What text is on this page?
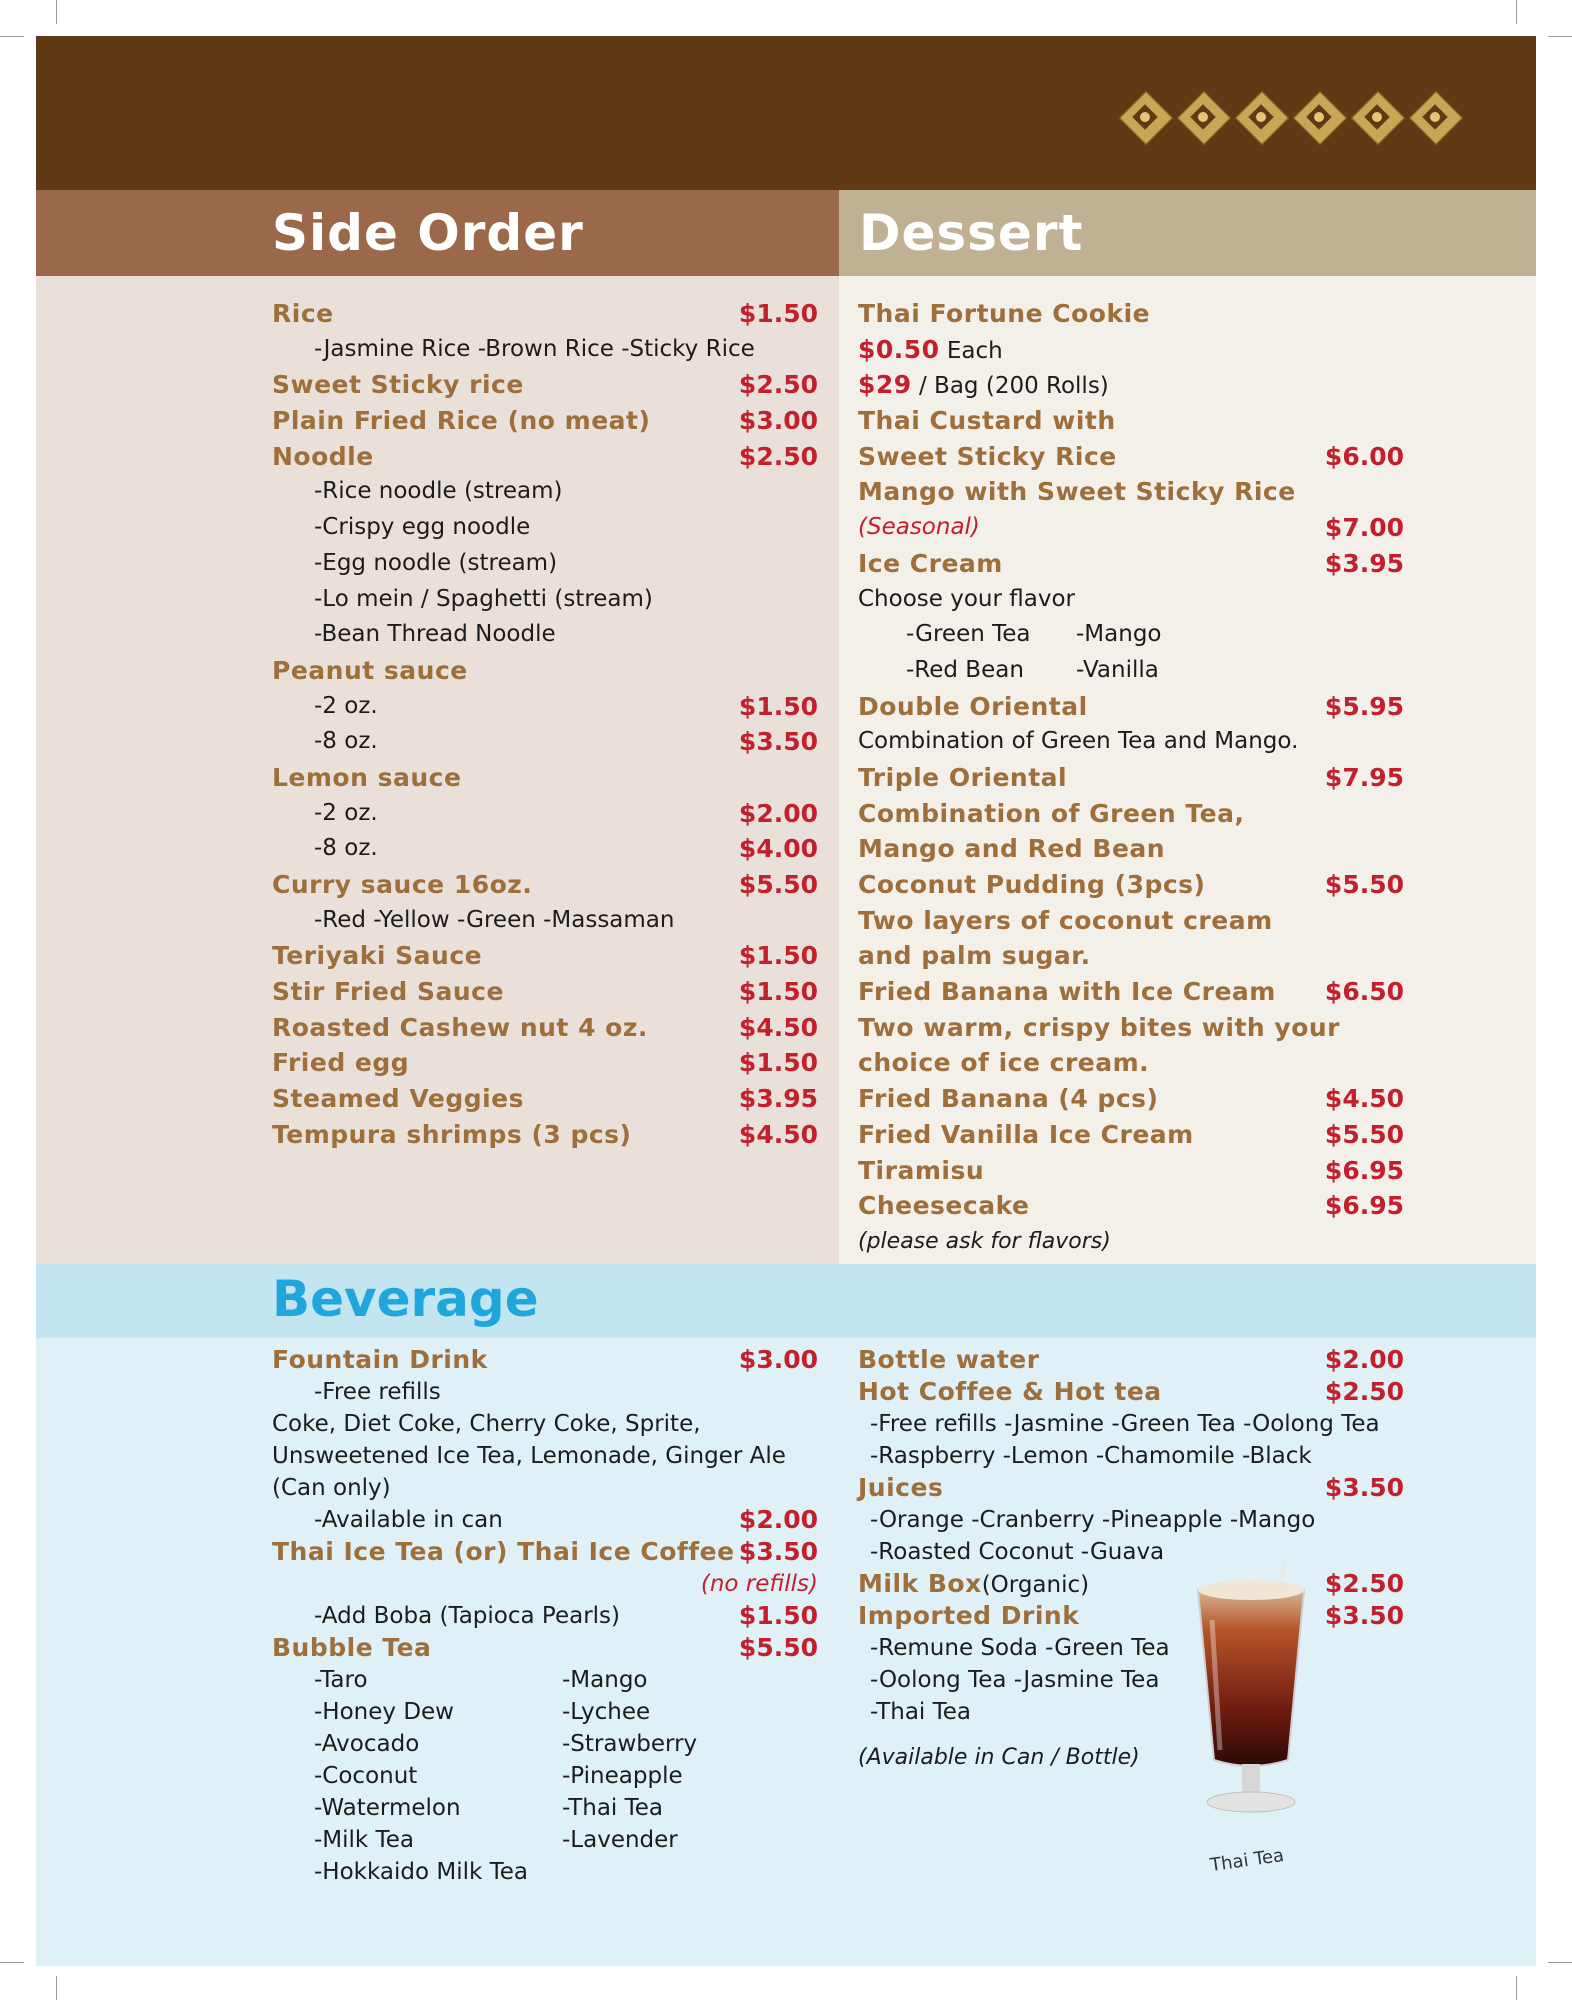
Side Order	Dessert
Rice	$1.50
-Jasmine Rice -Brown Rice -Sticky Rice
Sweet Sticky rice	$2.50
Plain Fried Rice (no meat)	$3.00
Noodle	$2.50
-Rice noodle (stream)
-Crispy egg noodle
-Egg noodle (stream)
-Lo mein / Spaghetti (stream)
-Bean Thread Noodle
Peanut sauce
-2 oz.	$1.50
-8 oz.	$3.50
Lemon sauce
-2 oz.	$2.00
-8 oz.	$4.00
Curry sauce 16oz.	$5.50
-Red -Yellow -Green -Massaman
Teriyaki Sauce	$1.50
Stir Fried Sauce	$1.50
Roasted Cashew nut 4 oz.	$4.50
Fried egg	$1.50
Steamed Veggies	$3.95
Tempura shrimps (3 pcs)	$4.50
Thai Fortune Cookie
$0.50 Each
$29 / Bag (200 Rolls)
Thai Custard with
Sweet Sticky Rice	$6.00
Mango with Sweet Sticky Rice
(Seasonal)	$7.00
Ice Cream	$3.95
Choose your flavor
-Green Tea -Mango
-Red Bean -Vanilla
Double Oriental	$5.95
Combination of Green Tea and Mango.
Triple Oriental	$7.95
Combination of Green Tea,
Mango and Red Bean
Coconut Pudding (3pcs)	$5.50
Two layers of coconut cream
and palm sugar.
Fried Banana with Ice Cream $6.50
Two warm, crispy bites with your
choice of ice cream.
Fried Banana (4 pcs)	$4.50
Fried Vanilla Ice Cream	$5.50
Tiramisu	$6.95
Cheesecake	$6.95
(please ask for flavors)
Beverage
Fountain Drink	$3.00
-Free refills
Coke, Diet Coke, Cherry Coke, Sprite,
Unsweetened Ice Tea, Lemonade, Ginger Ale
(Can only)
-Available in can	$2.00
Thai Ice Tea (or) Thai Ice Coffee $3.50
(no refills)
-Add Boba (Tapioca Pearls)	$1.50
Bubble Tea	$5.50
-Taro	-Mango
-Honey Dew	-Lychee
-Avocado	-Strawberry
-Coconut	-Pineapple
-Watermelon	-Thai Tea
-Milk Tea	-Lavender
-Hokkaido Milk Tea
Bottle water	$2.00
Hot Coffee & Hot tea	$2.50
-Free refills -Jasmine -Green Tea -Oolong Tea
-Raspberry -Lemon -Chamomile -Black
Juices	$3.50
-Orange -Cranberry -Pineapple -Mango
-Roasted Coconut -Guava
Milk Box(Organic)	$2.50
Imported Drink	$3.50
-Remune Soda -Green Tea
-Oolong Tea -Jasmine Tea
-Thai Tea
(Available in Can / Bottle)
Thai Tea
